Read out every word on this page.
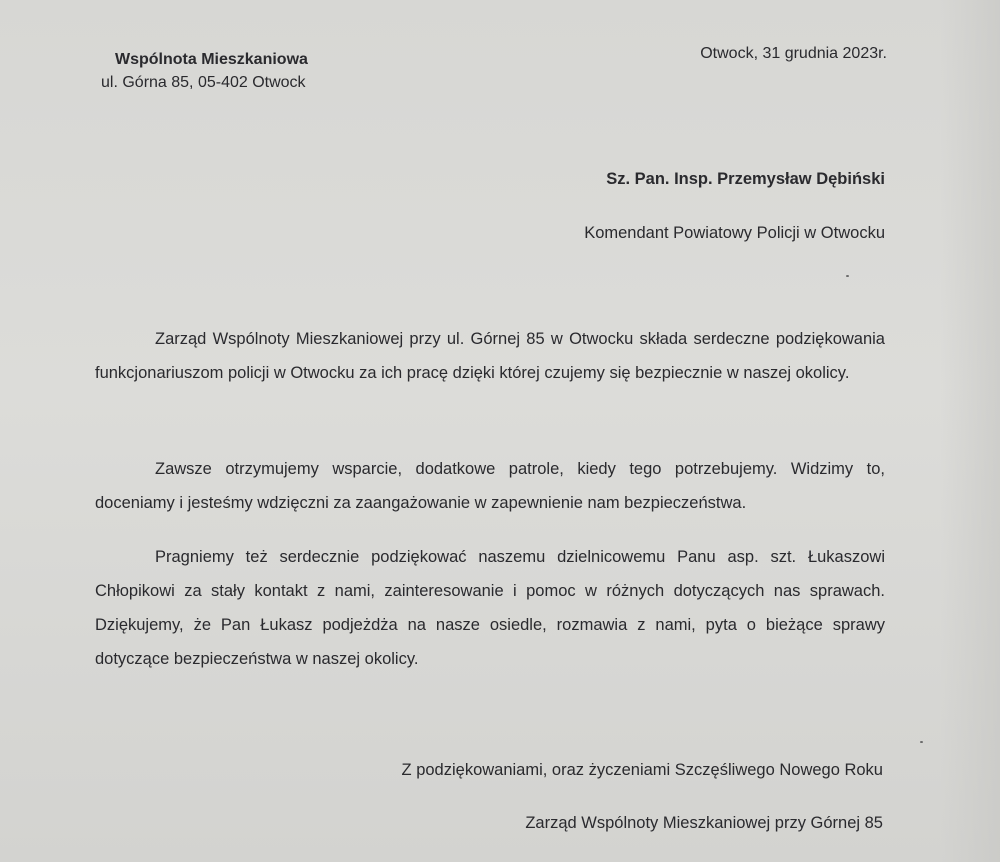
Wspólnota Mieszkaniowa
ul. Górna 85, 05-402 Otwock
Otwock, 31 grudnia 2023r.
Sz. Pan. Insp. Przemysław Dębiński
Komendant Powiatowy Policji w Otwocku
Zarząd Wspólnoty Mieszkaniowej przy ul. Górnej 85 w Otwocku składa serdeczne podziękowania funkcjonariuszom policji w Otwocku za ich pracę dzięki której czujemy się bezpiecznie w naszej okolicy.
Zawsze otrzymujemy wsparcie, dodatkowe patrole, kiedy tego potrzebujemy. Widzimy to, doceniamy i jesteśmy wdzięczni za zaangażowanie w zapewnienie nam bezpieczeństwa.
Pragniemy też serdecznie podziękować naszemu dzielnicowemu Panu asp. szt. Łukaszowi Chłopikowi za stały kontakt z nami, zainteresowanie i pomoc w różnych dotyczących nas sprawach. Dziękujemy, że Pan Łukasz podjeżdża na nasze osiedle, rozmawia z nami, pyta o bieżące sprawy dotyczące bezpieczeństwa w naszej okolicy.
Z podziękowaniami, oraz życzeniami Szczęśliwego Nowego Roku
Zarząd Wspólnoty Mieszkaniowej przy Górnej 85
